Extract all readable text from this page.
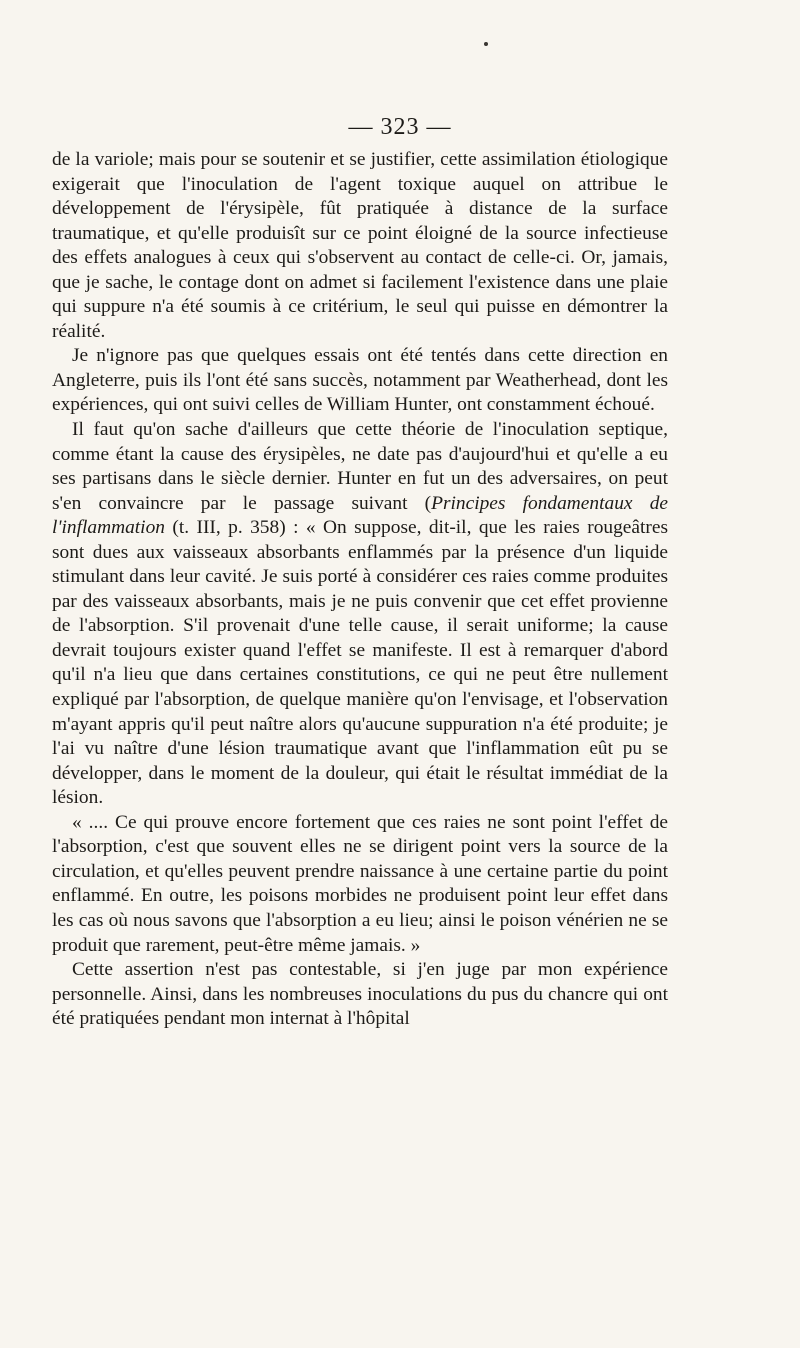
— 323 —

de la variole; mais pour se soutenir et se justifier, cette assimilation étiologique exigerait que l'inoculation de l'agent toxique auquel on attribue le développement de l'érysipèle, fût pratiquée à distance de la surface traumatique, et qu'elle produisît sur ce point éloigné de la source infectieuse des effets analogues à ceux qui s'observent au contact de celle-ci. Or, jamais, que je sache, le contage dont on admet si facilement l'existence dans une plaie qui suppure n'a été soumis à ce critérium, le seul qui puisse en démontrer la réalité.

Je n'ignore pas que quelques essais ont été tentés dans cette direction en Angleterre, puis ils l'ont été sans succès, notamment par Weatherhead, dont les expériences, qui ont suivi celles de William Hunter, ont constamment échoué.

Il faut qu'on sache d'ailleurs que cette théorie de l'inoculation septique, comme étant la cause des érysipèles, ne date pas d'aujourd'hui et qu'elle a eu ses partisans dans le siècle dernier. Hunter en fut un des adversaires, on peut s'en convaincre par le passage suivant (Principes fondamentaux de l'inflammation (t. III, p. 358) : « On suppose, dit-il, que les raies rougeâtres sont dues aux vaisseaux absorbants enflammés par la présence d'un liquide stimulant dans leur cavité. Je suis porté à considérer ces raies comme produites par des vaisseaux absorbants, mais je ne puis convenir que cet effet provienne de l'absorption. S'il provenait d'une telle cause, il serait uniforme; la cause devrait toujours exister quand l'effet se manifeste. Il est à remarquer d'abord qu'il n'a lieu que dans certaines constitutions, ce qui ne peut être nullement expliqué par l'absorption, de quelque manière qu'on l'envisage, et l'observation m'ayant appris qu'il peut naître alors qu'aucune suppuration n'a été produite; je l'ai vu naître d'une lésion traumatique avant que l'inflammation eût pu se développer, dans le moment de la douleur, qui était le résultat immédiat de la lésion.

« .... Ce qui prouve encore fortement que ces raies ne sont point l'effet de l'absorption, c'est que souvent elles ne se dirigent point vers la source de la circulation, et qu'elles peuvent prendre naissance à une certaine partie du point enflammé. En outre, les poisons morbides ne produisent point leur effet dans les cas où nous savons que l'absorption a eu lieu; ainsi le poison vénérien ne se produit que rarement, peut-être même jamais. »

Cette assertion n'est pas contestable, si j'en juge par mon expérience personnelle. Ainsi, dans les nombreuses inoculations du pus du chancre qui ont été pratiquées pendant mon internat à l'hôpital
